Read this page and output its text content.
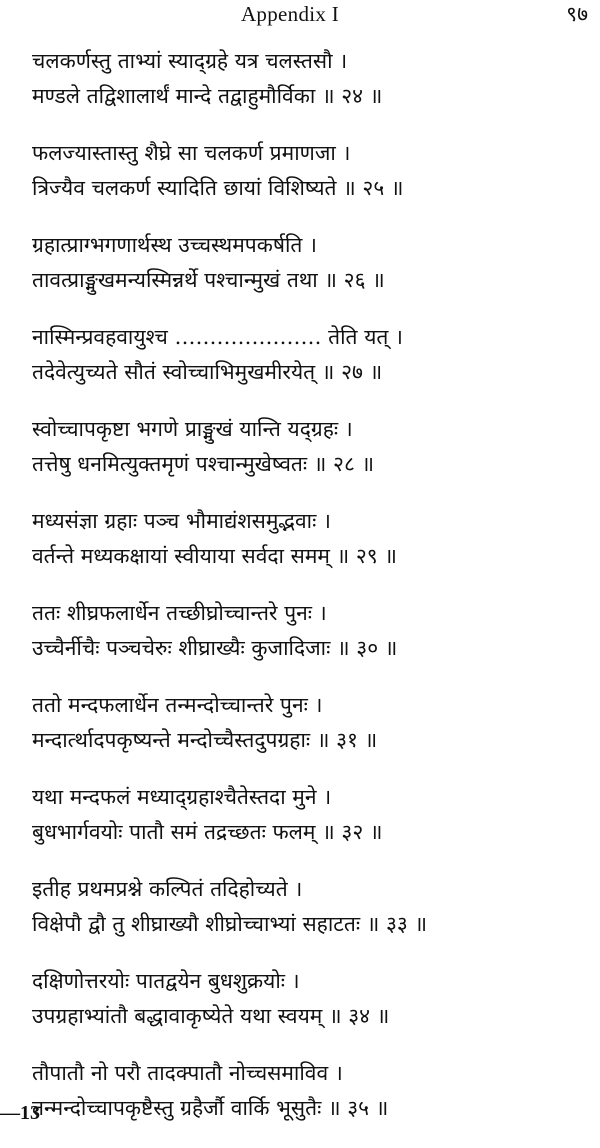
Appendix I	९७
चलकर्णस्तु ताभ्यां स्याद्ग्रहे यत्र चलस्तसौ ।
मण्डले तद्विशालार्थं मान्दे तद्वाहुमौर्विका ॥ २४ ॥
फलज्यास्तास्तु शैघ्रे सा चलकर्ण प्रमाणजा ।
त्रिज्यैव चलकर्ण स्यादिति छायां विशिष्यते ॥ २५ ॥
ग्रहात्प्राग्भगणार्थस्थ उच्चस्थमपकर्षति ।
तावत्प्राङ्मुखमन्यस्मिन्नर्थे पश्चान्मुखं तथा ॥ २६ ॥
नास्मिन्प्रवहवायुश्च ………………… तेति यत् ।
तदेवेत्युच्यते सौतं स्वोच्चाभिमुखमीरयेत् ॥ २७ ॥
स्वोच्चापकृष्टा भगणे प्राङ्मुखं यान्ति यद्ग्रहः ।
तत्तेषु धनमित्युक्तमृणं पश्चान्मुखेष्वतः ॥ २८ ॥
मध्यसंज्ञा ग्रहाः पञ्च भौमाद्यंशसमुद्भवाः ।
वर्तन्ते मध्यकक्षायां स्वीयाया सर्वदा समम् ॥ २९ ॥
ततः शीघ्रफलार्धेन तच्छीघ्रोच्चान्तरे पुनः ।
उच्चैर्नीचैः पञ्चचेरुः शीघ्राख्यैः कुजादिजाः ॥ ३० ॥
ततो मन्दफलार्धेन तन्मन्दोच्चान्तरे पुनः ।
मन्दार्त्थादपकृष्यन्ते मन्दोच्चैस्तदुपग्रहाः ॥ ३१ ॥
यथा मन्दफलं मध्याद्ग्रहाश्चैतेस्तदा मुने ।
बुधभार्गवयोः पातौ समं तद्रच्छतः फलम् ॥ ३२ ॥
इतीह प्रथमप्रश्ने कल्पितं तदिहोच्यते ।
विक्षेपौ द्वौ तु शीघ्राख्यौ शीघ्रोच्चाभ्यां सहाटतः ॥ ३३ ॥
दक्षिणोत्तरयोः पातद्वयेन बुधशुक्रयोः ।
उपग्रहाभ्यांतौ बद्धावाकृष्येते यथा स्वयम् ॥ ३४ ॥
तौपातौ नो परौ तादक्पातौ नोच्चसमाविव ।
तन्मन्दोच्चापकृष्टैस्तु ग्रहैर्जौ वार्कि भूसुतैः ॥ ३५ ॥
—13
